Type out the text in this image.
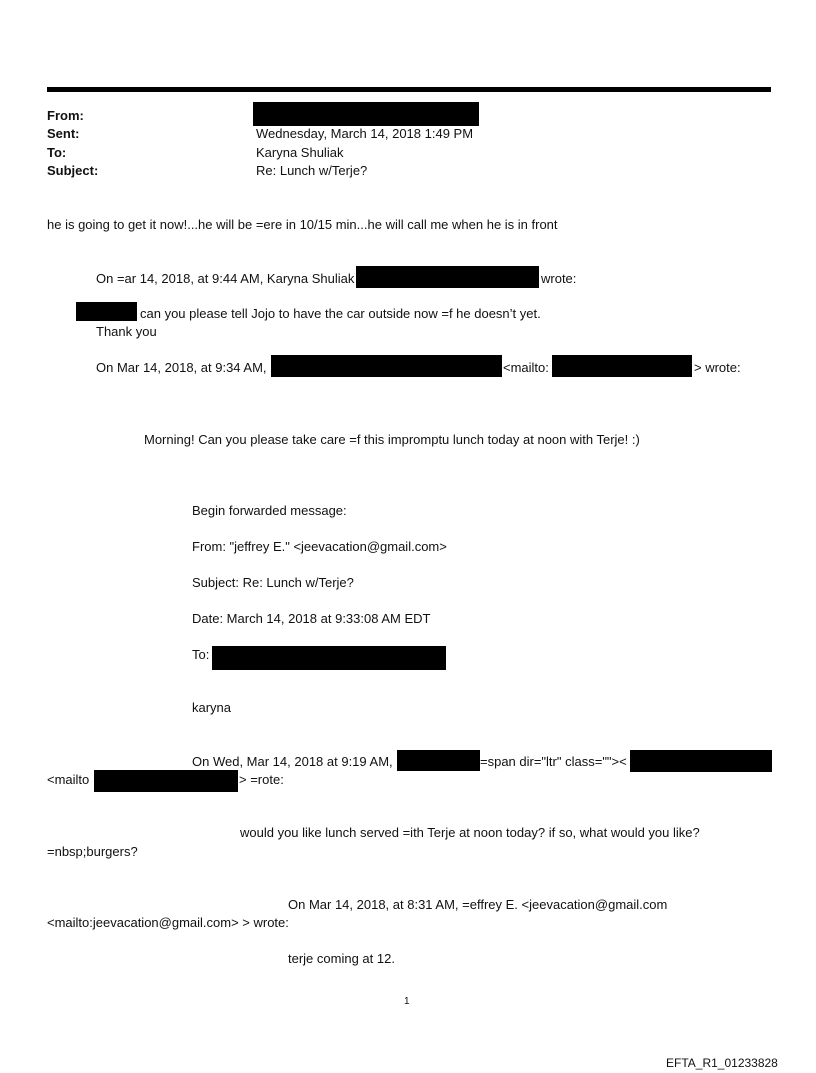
From:
Sent:	Wednesday, March 14, 2018 1:49 PM
To:	Karyna Shuliak
Subject:	Re: Lunch w/Terje?
he is going to get it now!...he will be =ere in 10/15 min...he will call me when he is in front
On =ar 14, 2018, at 9:44 AM, Karyna Shuliak	wrote:
can you please tell Jojo to have the car outside now =f he doesn’t yet.
Thank you
On Mar 14, 2018, at 9:34 AM,	<mailto:	> wrote:
Morning! Can you please take care =f this impromptu lunch today at noon with Terje! :)
Begin forwarded message:
From: "jeffrey E." <jeevacation@gmail.com>
Subject: Re: Lunch w/Terje?
Date: March 14, 2018 at 9:33:08 AM EDT
To:
karyna
On Wed, Mar 14, 2018 at 9:19 AM,	=span dir="ltr" class=""><
<mailto	> =rote:
would you like lunch served =ith Terje at noon today? if so, what would you like?
=nbsp;burgers?
On Mar 14, 2018, at 8:31 AM, =effrey E. <jeevacation@gmail.com
<mailto:jeevacation@gmail.com> > wrote:
terje coming at 12.
1
EFTA_R1_01233828
